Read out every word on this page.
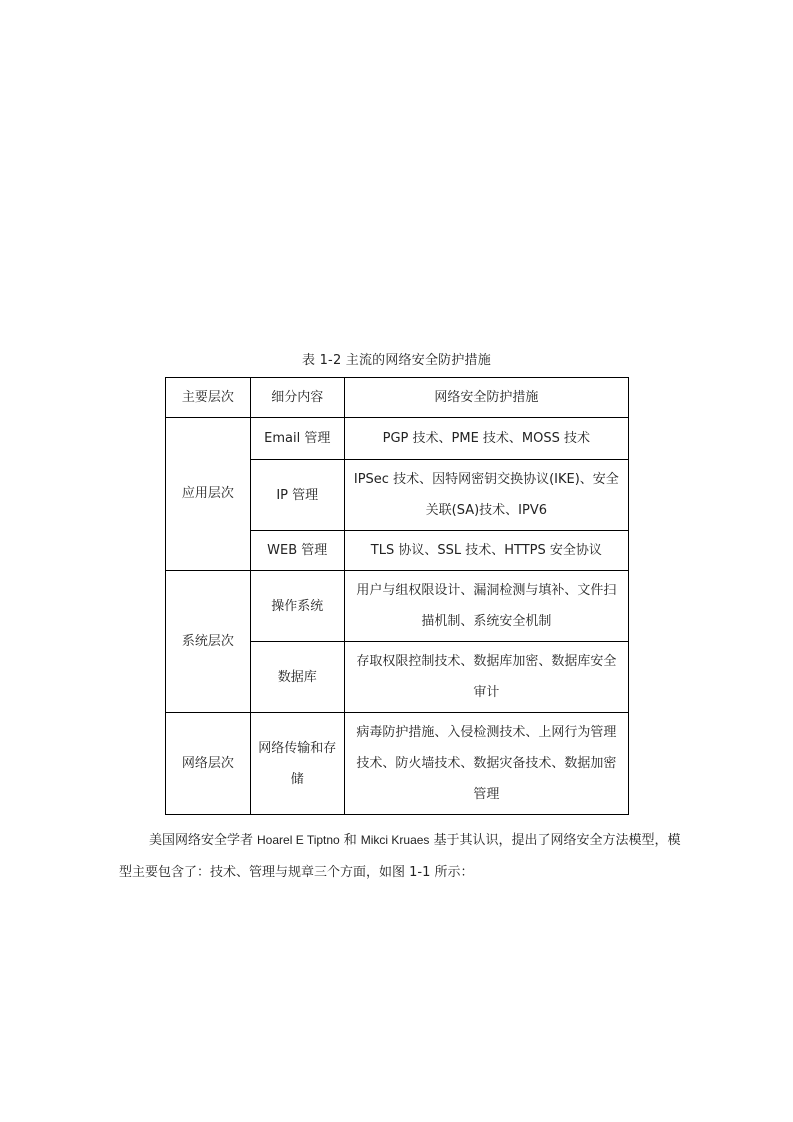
表 1-2 主流的网络安全防护措施
主要层次	细分内容	网络安全防护措施
应用层次	Email 管理	PGP 技术、PME 技术、MOSS 技术
	IP 管理	IPSec 技术、因特网密钥交换协议(IKE)、安全关联(SA)技术、IPV6
	WEB 管理	TLS 协议、SSL 技术、HTTPS 安全协议
系统层次	操作系统	用户与组权限设计、漏洞检测与填补、文件扫描机制、系统安全机制
	数据库	存取权限控制技术、数据库加密、数据库安全审计
网络层次	网络传输和存储	病毒防护措施、入侵检测技术、上网行为管理技术、防火墙技术、数据灾备技术、数据加密管理

美国网络安全学者 Hoarel E Tiptno 和 Mikci Kruaes 基于其认识，提出了网络安全方法模型，模型主要包含了：技术、管理与规章三个方面，如图 1-1 所示：
